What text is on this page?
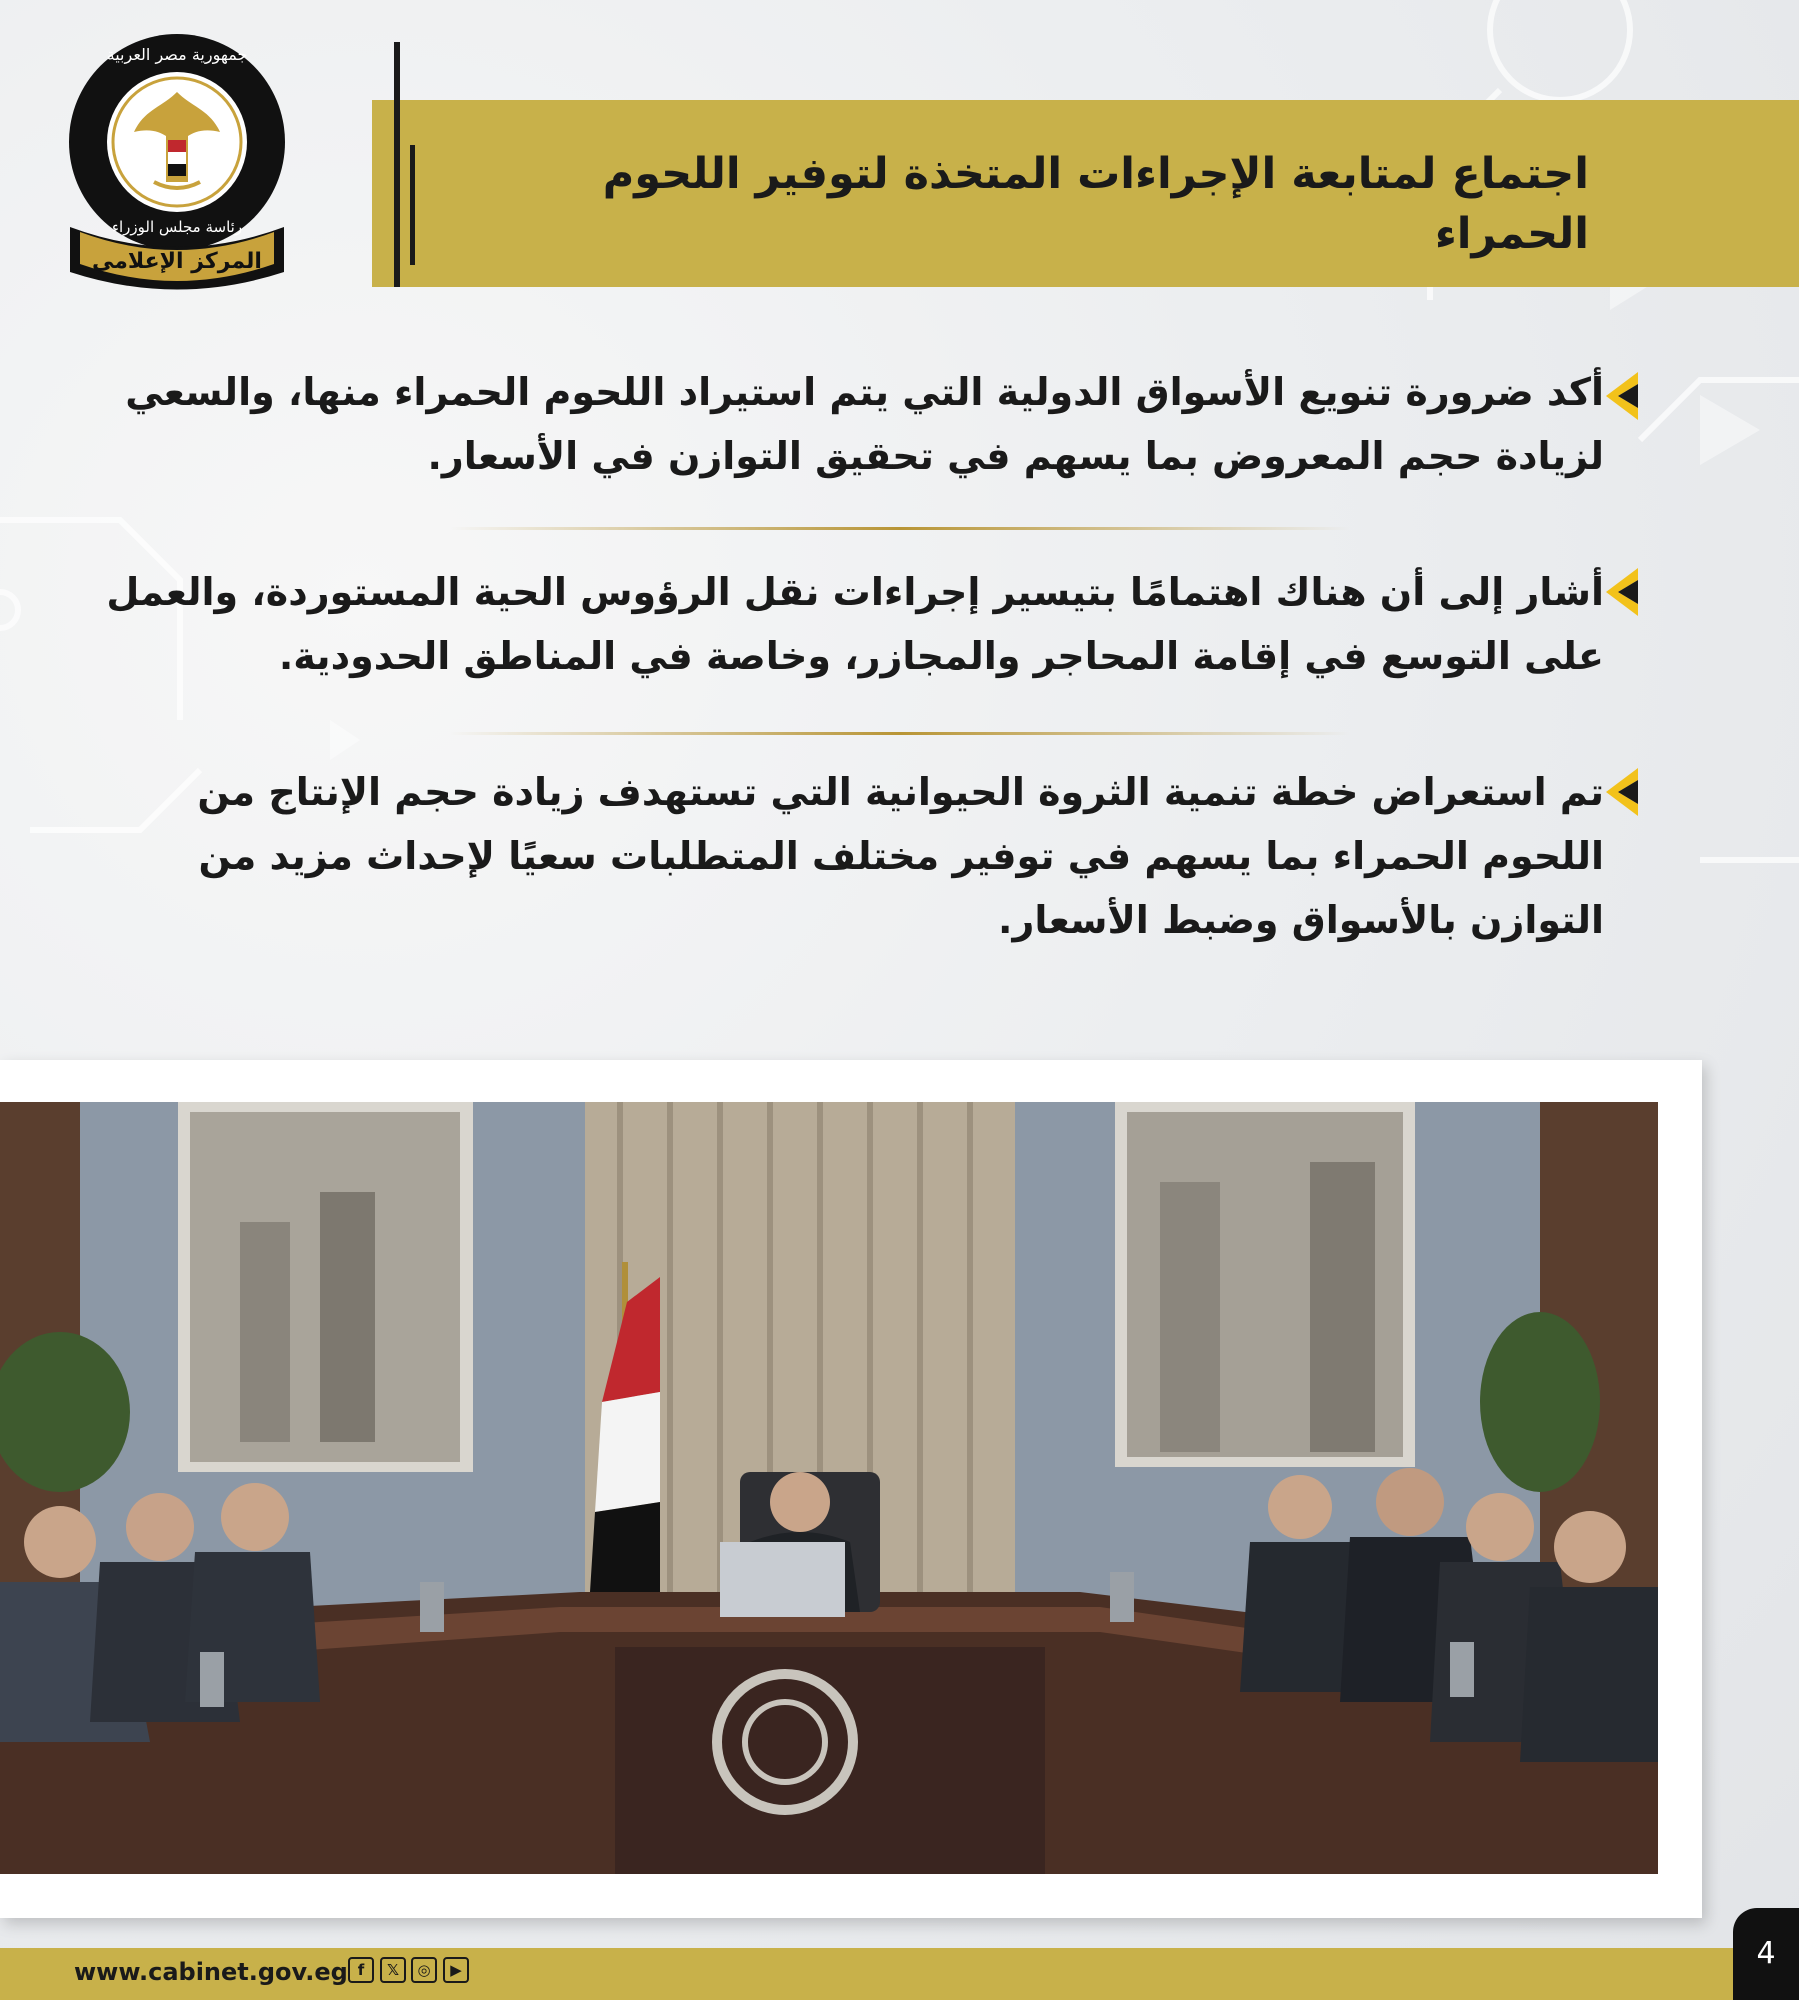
المركز الإعلامي
جمهورية مصر العربية
رئاسة مجلس الوزراء
اجتماع لمتابعة الإجراءات المتخذة لتوفير اللحوم الحمراء
أكد ضرورة تنويع الأسواق الدولية التي يتم استيراد اللحوم الحمراء منها، والسعي لزيادة حجم المعروض بما يسهم في تحقيق التوازن في الأسعار.
أشار إلى أن هناك اهتمامًا بتيسير إجراءات نقل الرؤوس الحية المستوردة، والعمل على التوسع في إقامة المحاجر والمجازر، وخاصة في المناطق الحدودية.
تم استعراض خطة تنمية الثروة الحيوانية التي تستهدف زيادة حجم الإنتاج من اللحوم الحمراء بما يسهم في توفير مختلف المتطلبات سعيًا لإحداث مزيد من التوازن بالأسواق وضبط الأسعار.
www.cabinet.gov.eg f	𝕏	◎	▶	4
